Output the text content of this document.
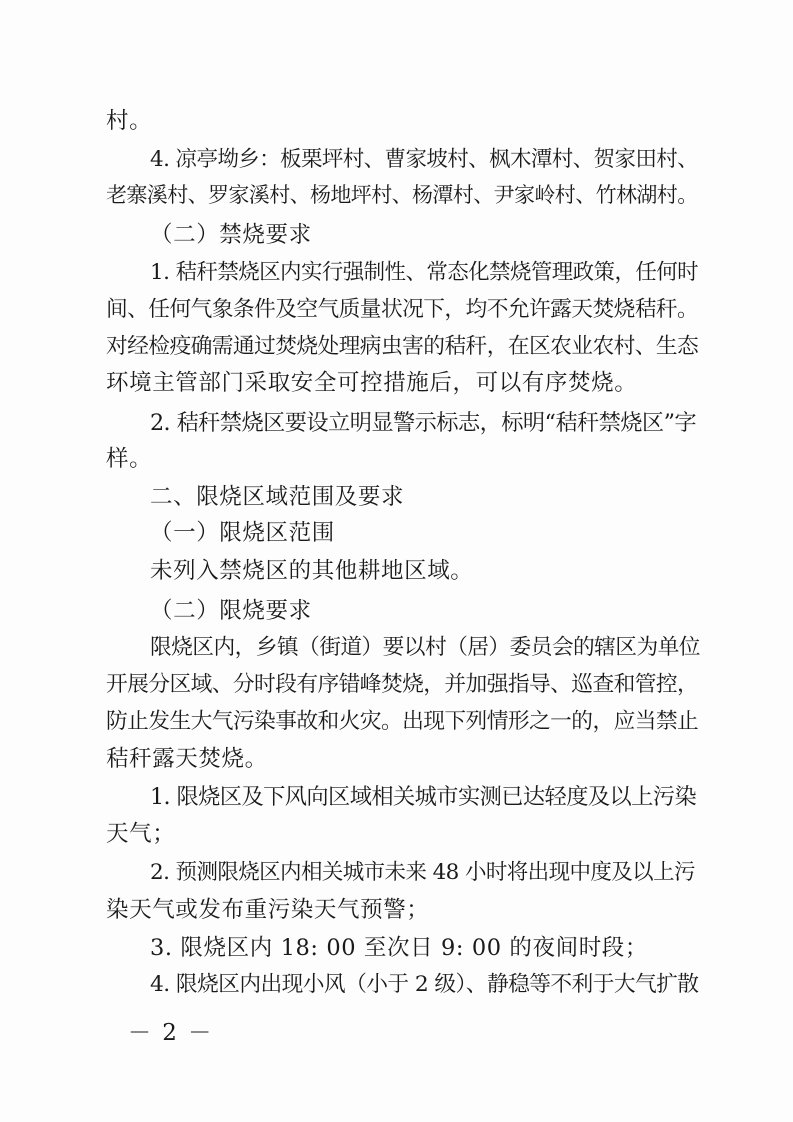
村。
4. 凉亭坳乡：板栗坪村、曹家坡村、枫木潭村、贺家田村、
老寨溪村、罗家溪村、杨地坪村、杨潭村、尹家岭村、竹林湖村。
（二）禁烧要求
1. 秸秆禁烧区内实行强制性、常态化禁烧管理政策，任何时
间、任何气象条件及空气质量状况下，均不允许露天焚烧秸秆。
对经检疫确需通过焚烧处理病虫害的秸秆，在区农业农村、生态
环境主管部门采取安全可控措施后，可以有序焚烧。
2. 秸秆禁烧区要设立明显警示标志，标明“秸秆禁烧区”字
样。
二、限烧区域范围及要求
（一）限烧区范围
未列入禁烧区的其他耕地区域。
（二）限烧要求
限烧区内，乡镇（街道）要以村（居）委员会的辖区为单位
开展分区域、分时段有序错峰焚烧，并加强指导、巡查和管控，
防止发生大气污染事故和火灾。出现下列情形之一的，应当禁止
秸秆露天焚烧。
1. 限烧区及下风向区域相关城市实测已达轻度及以上污染
天气；
2. 预测限烧区内相关城市未来 48 小时将出现中度及以上污
染天气或发布重污染天气预警；
3. 限烧区内 18: 00 至次日 9: 00 的夜间时段；
4. 限烧区内出现小风（小于 2 级）、静稳等不利于大气扩散
－ 2 －
